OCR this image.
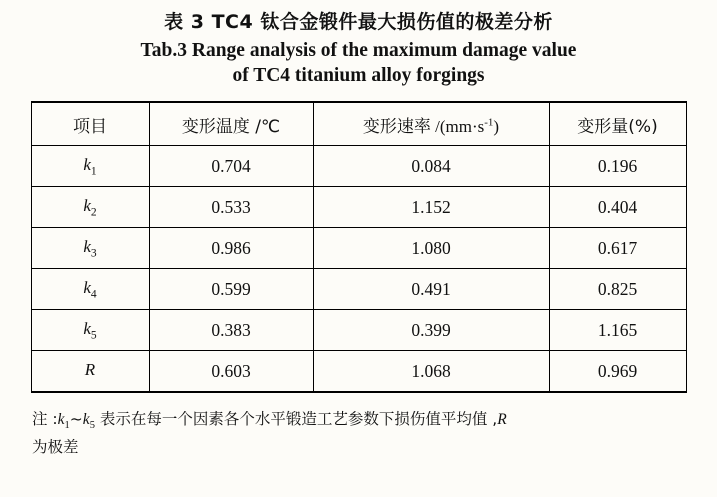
表 3 TC4 钛合金锻件最大损伤值的极差分析
Tab.3 Range analysis of the maximum damage value
of TC4 titanium alloy forgings
项目	变形温度 /℃	变形速率 $/(mm\cdot s^{-1})$	变形量(%)
$k_1$	0.704	0.084	0.196
$k_2$	0.533	1.152	0.404
$k_3$	0.986	1.080	0.617
$k_4$	0.599	0.491	0.825
$k_5$	0.383	0.399	1.165
R	0.603	1.068	0.969
注 $:k_1\sim k_5$ 表示在每一个因素各个水平锻造工艺参数下损伤值平均值 ,R
为极差
